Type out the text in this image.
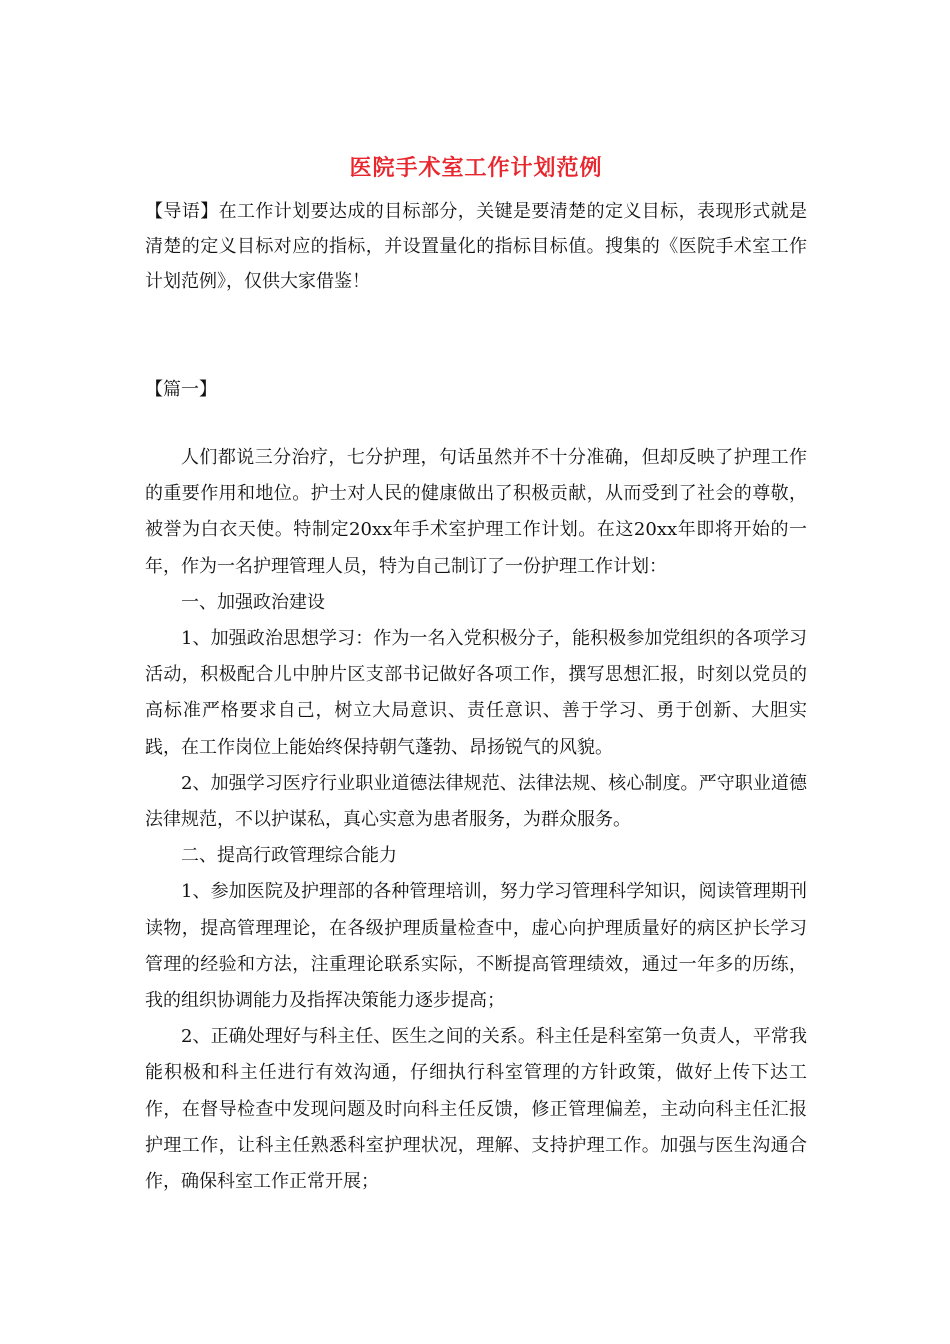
医院手术室工作计划范例

【导语】在工作计划要达成的目标部分，关键是要清楚的定义目标，表现形式就是清楚的定义目标对应的指标，并设置量化的指标目标值。搜集的《医院手术室工作计划范例》，仅供大家借鉴！

【篇一】

人们都说三分治疗，七分护理，句话虽然并不十分准确，但却反映了护理工作的重要作用和地位。护士对人民的健康做出了积极贡献，从而受到了社会的尊敬，被誉为白衣天使。特制定20xx年手术室护理工作计划。在这20xx年即将开始的一年，作为一名护理管理人员，特为自己制订了一份护理工作计划：

一、加强政治建设

1、加强政治思想学习：作为一名入党积极分子，能积极参加党组织的各项学习活动，积极配合儿中肿片区支部书记做好各项工作，撰写思想汇报，时刻以党员的高标准严格要求自己，树立大局意识、责任意识、善于学习、勇于创新、大胆实践，在工作岗位上能始终保持朝气蓬勃、昂扬锐气的风貌。

2、加强学习医疗行业职业道德法律规范、法律法规、核心制度。严守职业道德法律规范，不以护谋私，真心实意为患者服务，为群众服务。

二、提高行政管理综合能力

1、参加医院及护理部的各种管理培训，努力学习管理科学知识，阅读管理期刊读物，提高管理理论，在各级护理质量检查中，虚心向护理质量好的病区护长学习管理的经验和方法，注重理论联系实际，不断提高管理绩效，通过一年多的历练，我的组织协调能力及指挥决策能力逐步提高；

2、正确处理好与科主任、医生之间的关系。科主任是科室第一负责人，平常我能积极和科主任进行有效沟通，仔细执行科室管理的方针政策，做好上传下达工作，在督导检查中发现问题及时向科主任反馈，修正管理偏差，主动向科主任汇报护理工作，让科主任熟悉科室护理状况，理解、支持护理工作。加强与医生沟通合作，确保科室工作正常开展；
